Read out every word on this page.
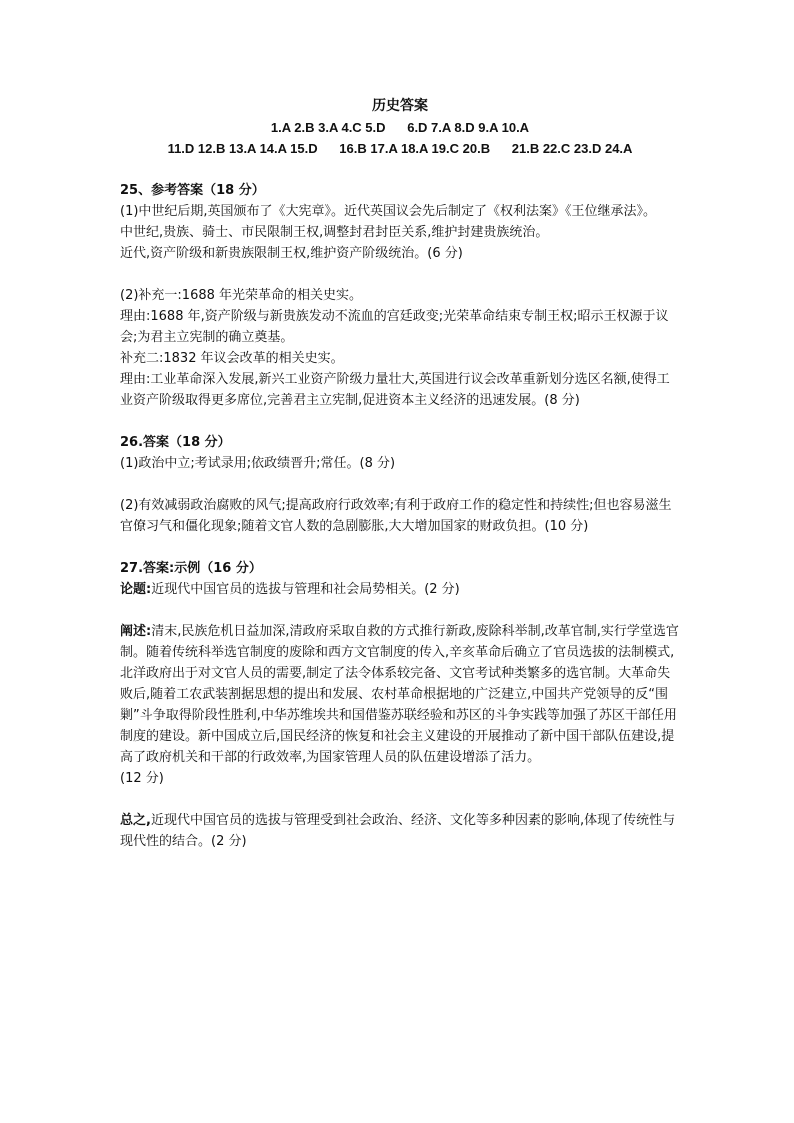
历史答案

1.A 2.B 3.A 4.C 5.D      6.D 7.A 8.D 9.A 10.A

11.D 12.B 13.A 14.A 15.D      16.B 17.A 18.A 19.C 20.B      21.B 22.C 23.D 24.A

25、参考答案（18 分）

(1)中世纪后期,英国颁布了《大宪章》。近代英国议会先后制定了《权利法案》《王位继承法》。

中世纪,贵族、骑士、市民限制王权,调整封君封臣关系,维护封建贵族统治。

近代,资产阶级和新贵族限制王权,维护资产阶级统治。(6 分)

(2)补充一:1688 年光荣革命的相关史实。

理由:1688 年,资产阶级与新贵族发动不流血的宫廷政变;光荣革命结束专制王权;昭示王权源于议会;为君主立宪制的确立奠基。

补充二:1832 年议会改革的相关史实。

理由:工业革命深入发展,新兴工业资产阶级力量壮大,英国进行议会改革重新划分选区名额,使得工业资产阶级取得更多席位,完善君主立宪制,促进资本主义经济的迅速发展。(8 分)

26.答案（18 分）

(1)政治中立;考试录用;依政绩晋升;常任。(8 分)

(2)有效减弱政治腐败的风气;提高政府行政效率;有利于政府工作的稳定性和持续性;但也容易滋生官僚习气和僵化现象;随着文官人数的急剧膨胀,大大增加国家的财政负担。(10 分)

27.答案:示例（16 分）

论题:近现代中国官员的选拔与管理和社会局势相关。(2 分)

阐述:清末,民族危机日益加深,清政府采取自救的方式推行新政,废除科举制,改革官制,实行学堂选官制。随着传统科举选官制度的废除和西方文官制度的传入,辛亥革命后确立了官员选拔的法制模式,北洋政府出于对文官人员的需要,制定了法令体系较完备、文官考试种类繁多的选官制。大革命失败后,随着工农武装割据思想的提出和发展、农村革命根据地的广泛建立,中国共产党领导的反“围剿”斗争取得阶段性胜利,中华苏维埃共和国借鉴苏联经验和苏区的斗争实践等加强了苏区干部任用制度的建设。新中国成立后,国民经济的恢复和社会主义建设的开展推动了新中国干部队伍建设,提高了政府机关和干部的行政效率,为国家管理人员的队伍建设增添了活力。

(12 分)

总之,近现代中国官员的选拔与管理受到社会政治、经济、文化等多种因素的影响,体现了传统性与现代性的结合。(2 分)
